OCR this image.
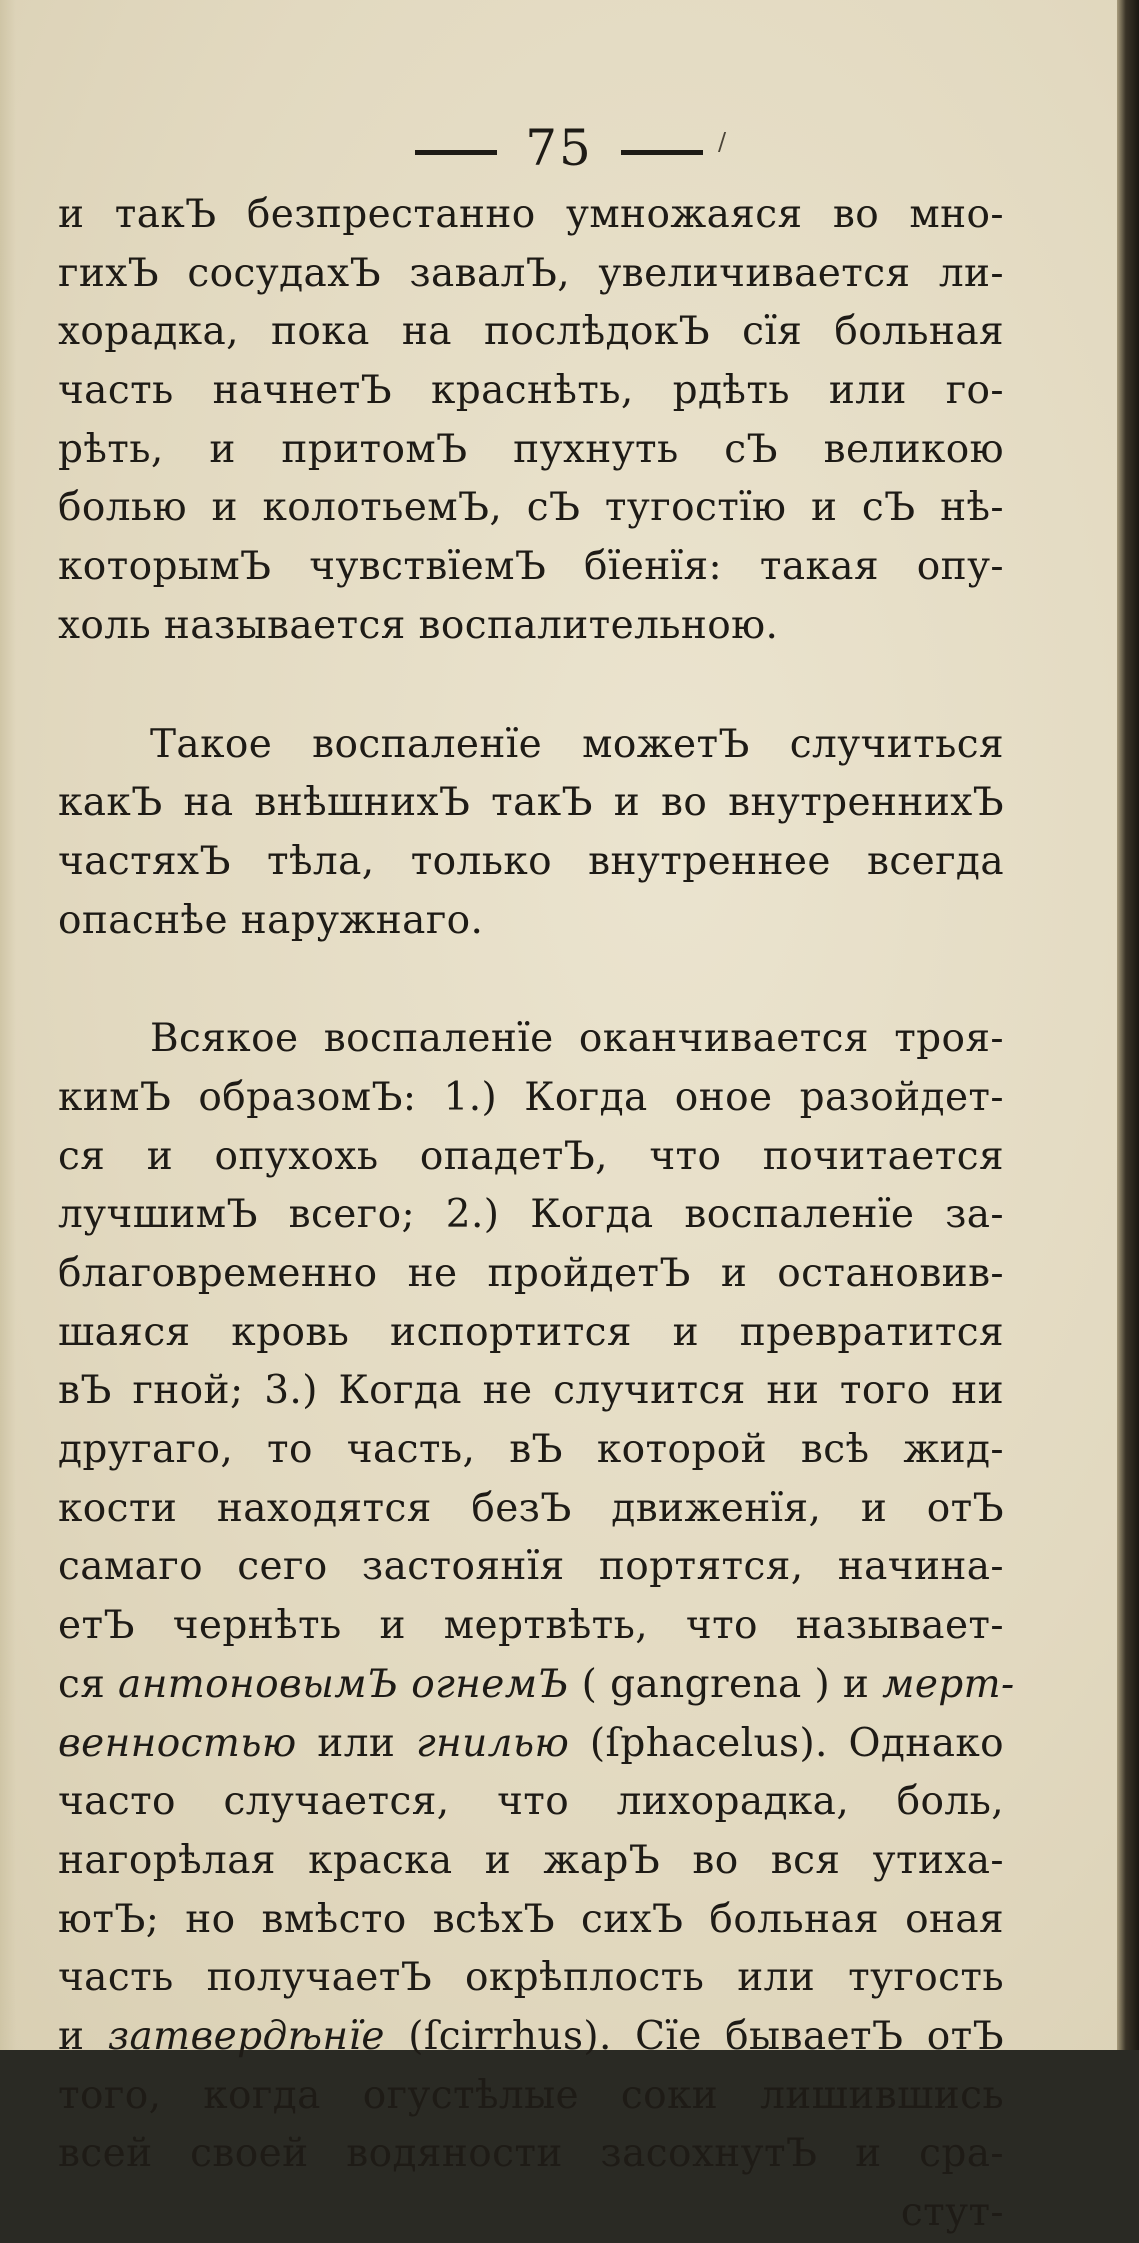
75
и такЪ безпрестанно умножаяся во мно-
гихЪ сосудахЪ завалЪ, увеличивается ли-
хорадка, пока на послѣдокЪ сїя больная
часть начнетЪ краснѣть, рдѣть или го-
рѣть, и притомЪ пухнуть сЪ великою
болью и колотьемЪ, сЪ тугостїю и сЪ нѣ-
которымЪ чувствїемЪ бїенїя: такая опу-
холь называется воспалительною.
Такое воспаленїе можетЪ случиться
какЪ на внѣшнихЪ такЪ и во внутреннихЪ
частяхЪ тѣла, только внутреннее всегда
опаснѣе наружнаго.
Всякое воспаленїе оканчивается троя-
кимЪ образомЪ: 1.) Когда оное разойдет-
ся и опухохь опадетЪ, что почитается
лучшимЪ всего; 2.) Когда воспаленїе за-
благовременно не пройдетЪ и остановив-
шаяся кровь испортится и превратится
вЪ гной; 3.) Когда не случится ни того ни
другаго, то часть, вЪ которой всѣ жид-
кости находятся безЪ движенїя, и отЪ
самаго сего застоянїя портятся, начина-
етЪ чернѣть и мертвѣть, что называет-
ся антоновымЪ огнемЪ ( gangrena ) и мерт-
венностью или гнилью (ſphacelus). Однако
часто случается, что лихорадка, боль,
нагорѣлая краска и жарЪ во вся утиха-
ютЪ; но вмѣсто всѣхЪ сихЪ больная оная
часть получаетЪ окрѣплость или тугость
и затвердѣнїе (ſcirrhus). Сїе бываетЪ отЪ
того, когда огустѣлые соки лишившись
всей своей водяности засохнутЪ и сра-
стут-
/
